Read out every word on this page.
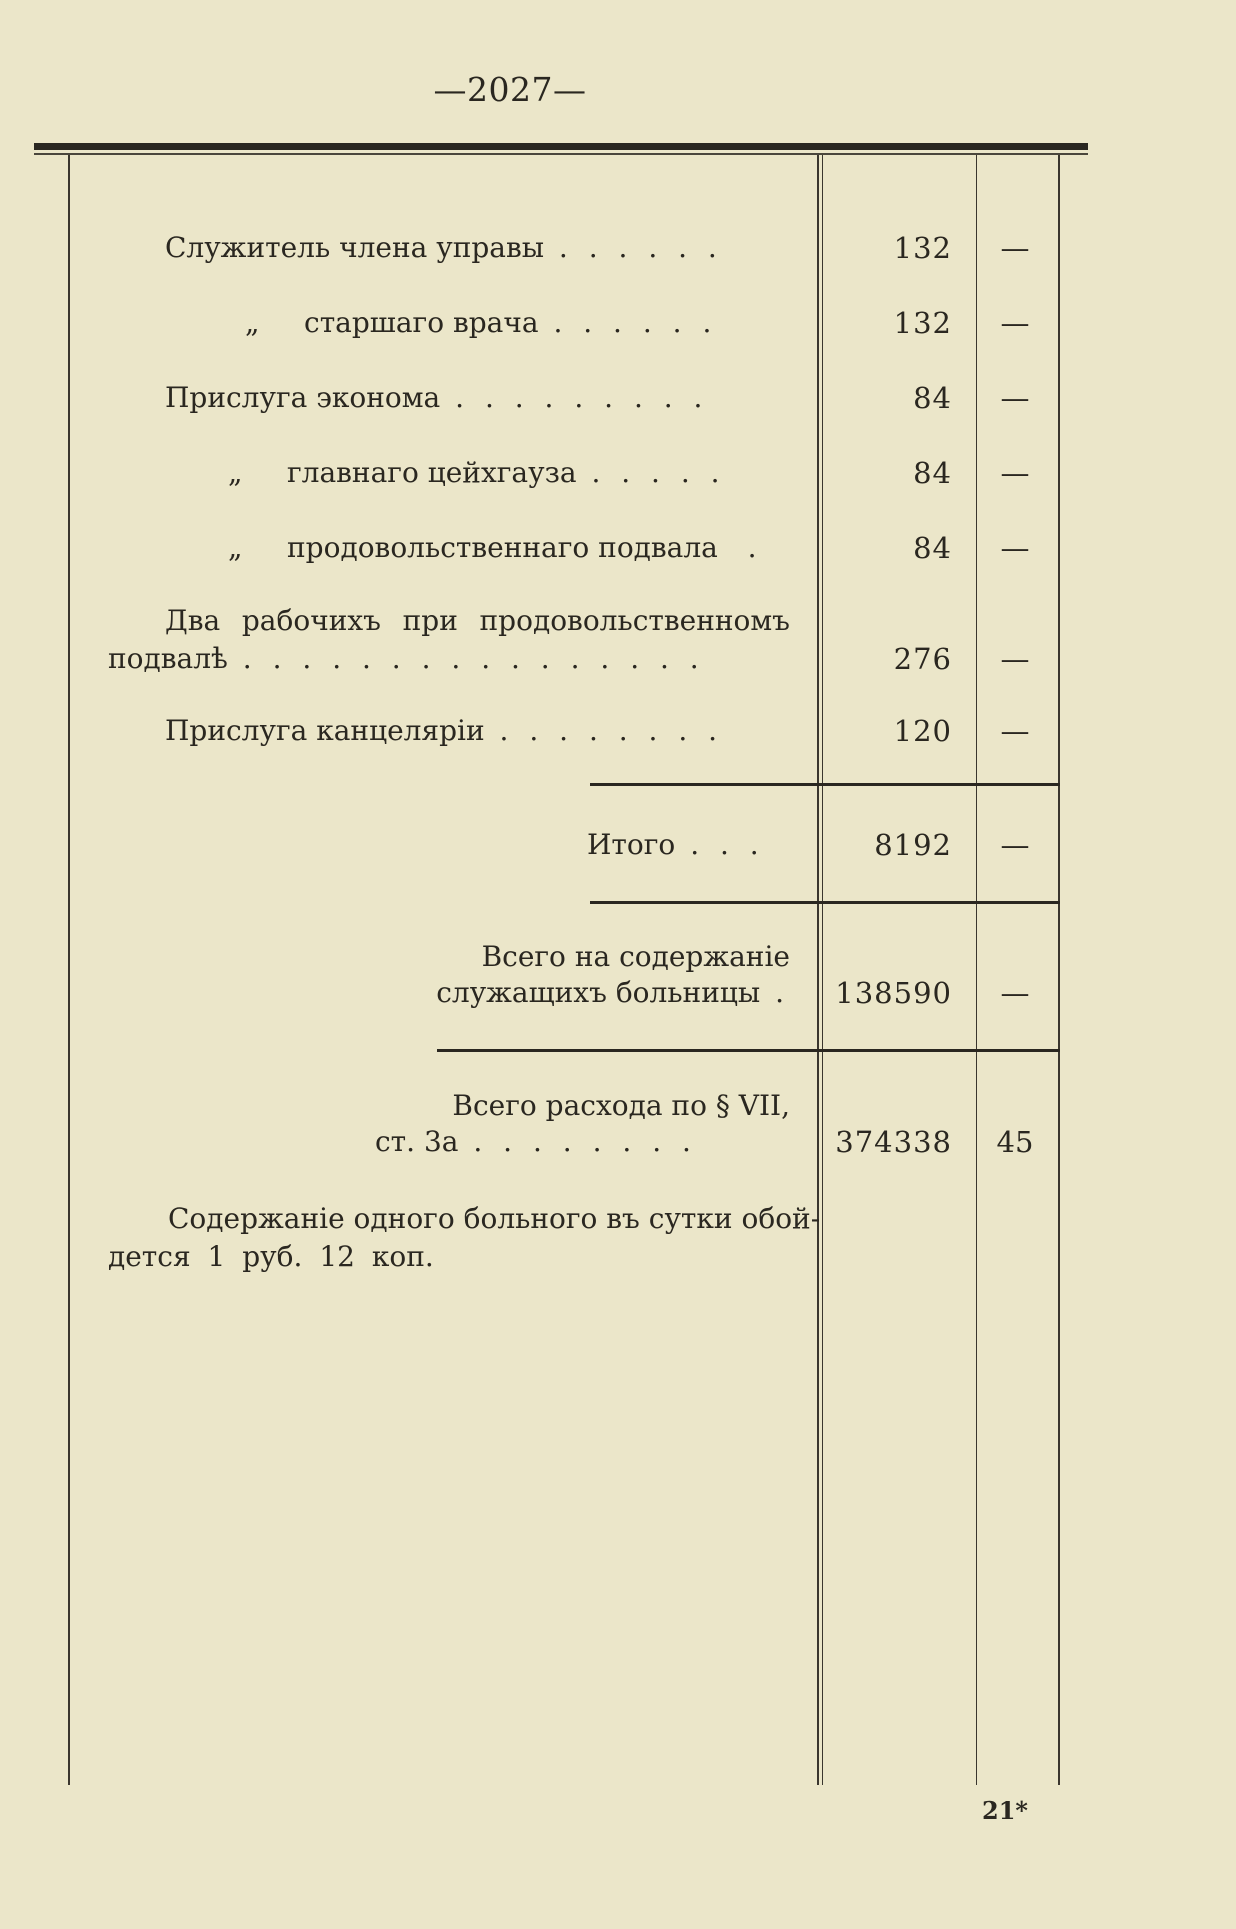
—2027—
Служитель члена управы . . . . . .	132	—
„     старшаго врача . . . . . .	132	—
Прислуга эконома . . . . . . . . .	84	—
„     главнаго цейхгауза . . . . .	84	—
„     продовольственнаго подвала  .	84	—
Два рабочихъ при продовольственномъ
подвалѣ . . . . . . . . . . . . . . . .	276	—
Прислуга канцеляріи . . . . . . . .	120	—
Итого . . .	8192	—
Всего на содержаніе
служащихъ больницы .	138590	—
Всего расхода по § VII,
ст. 3а . . . . . . . .	374338	45
Содержаніе одного больного въ сутки обой-
дется 1 руб. 12 коп.
21*
